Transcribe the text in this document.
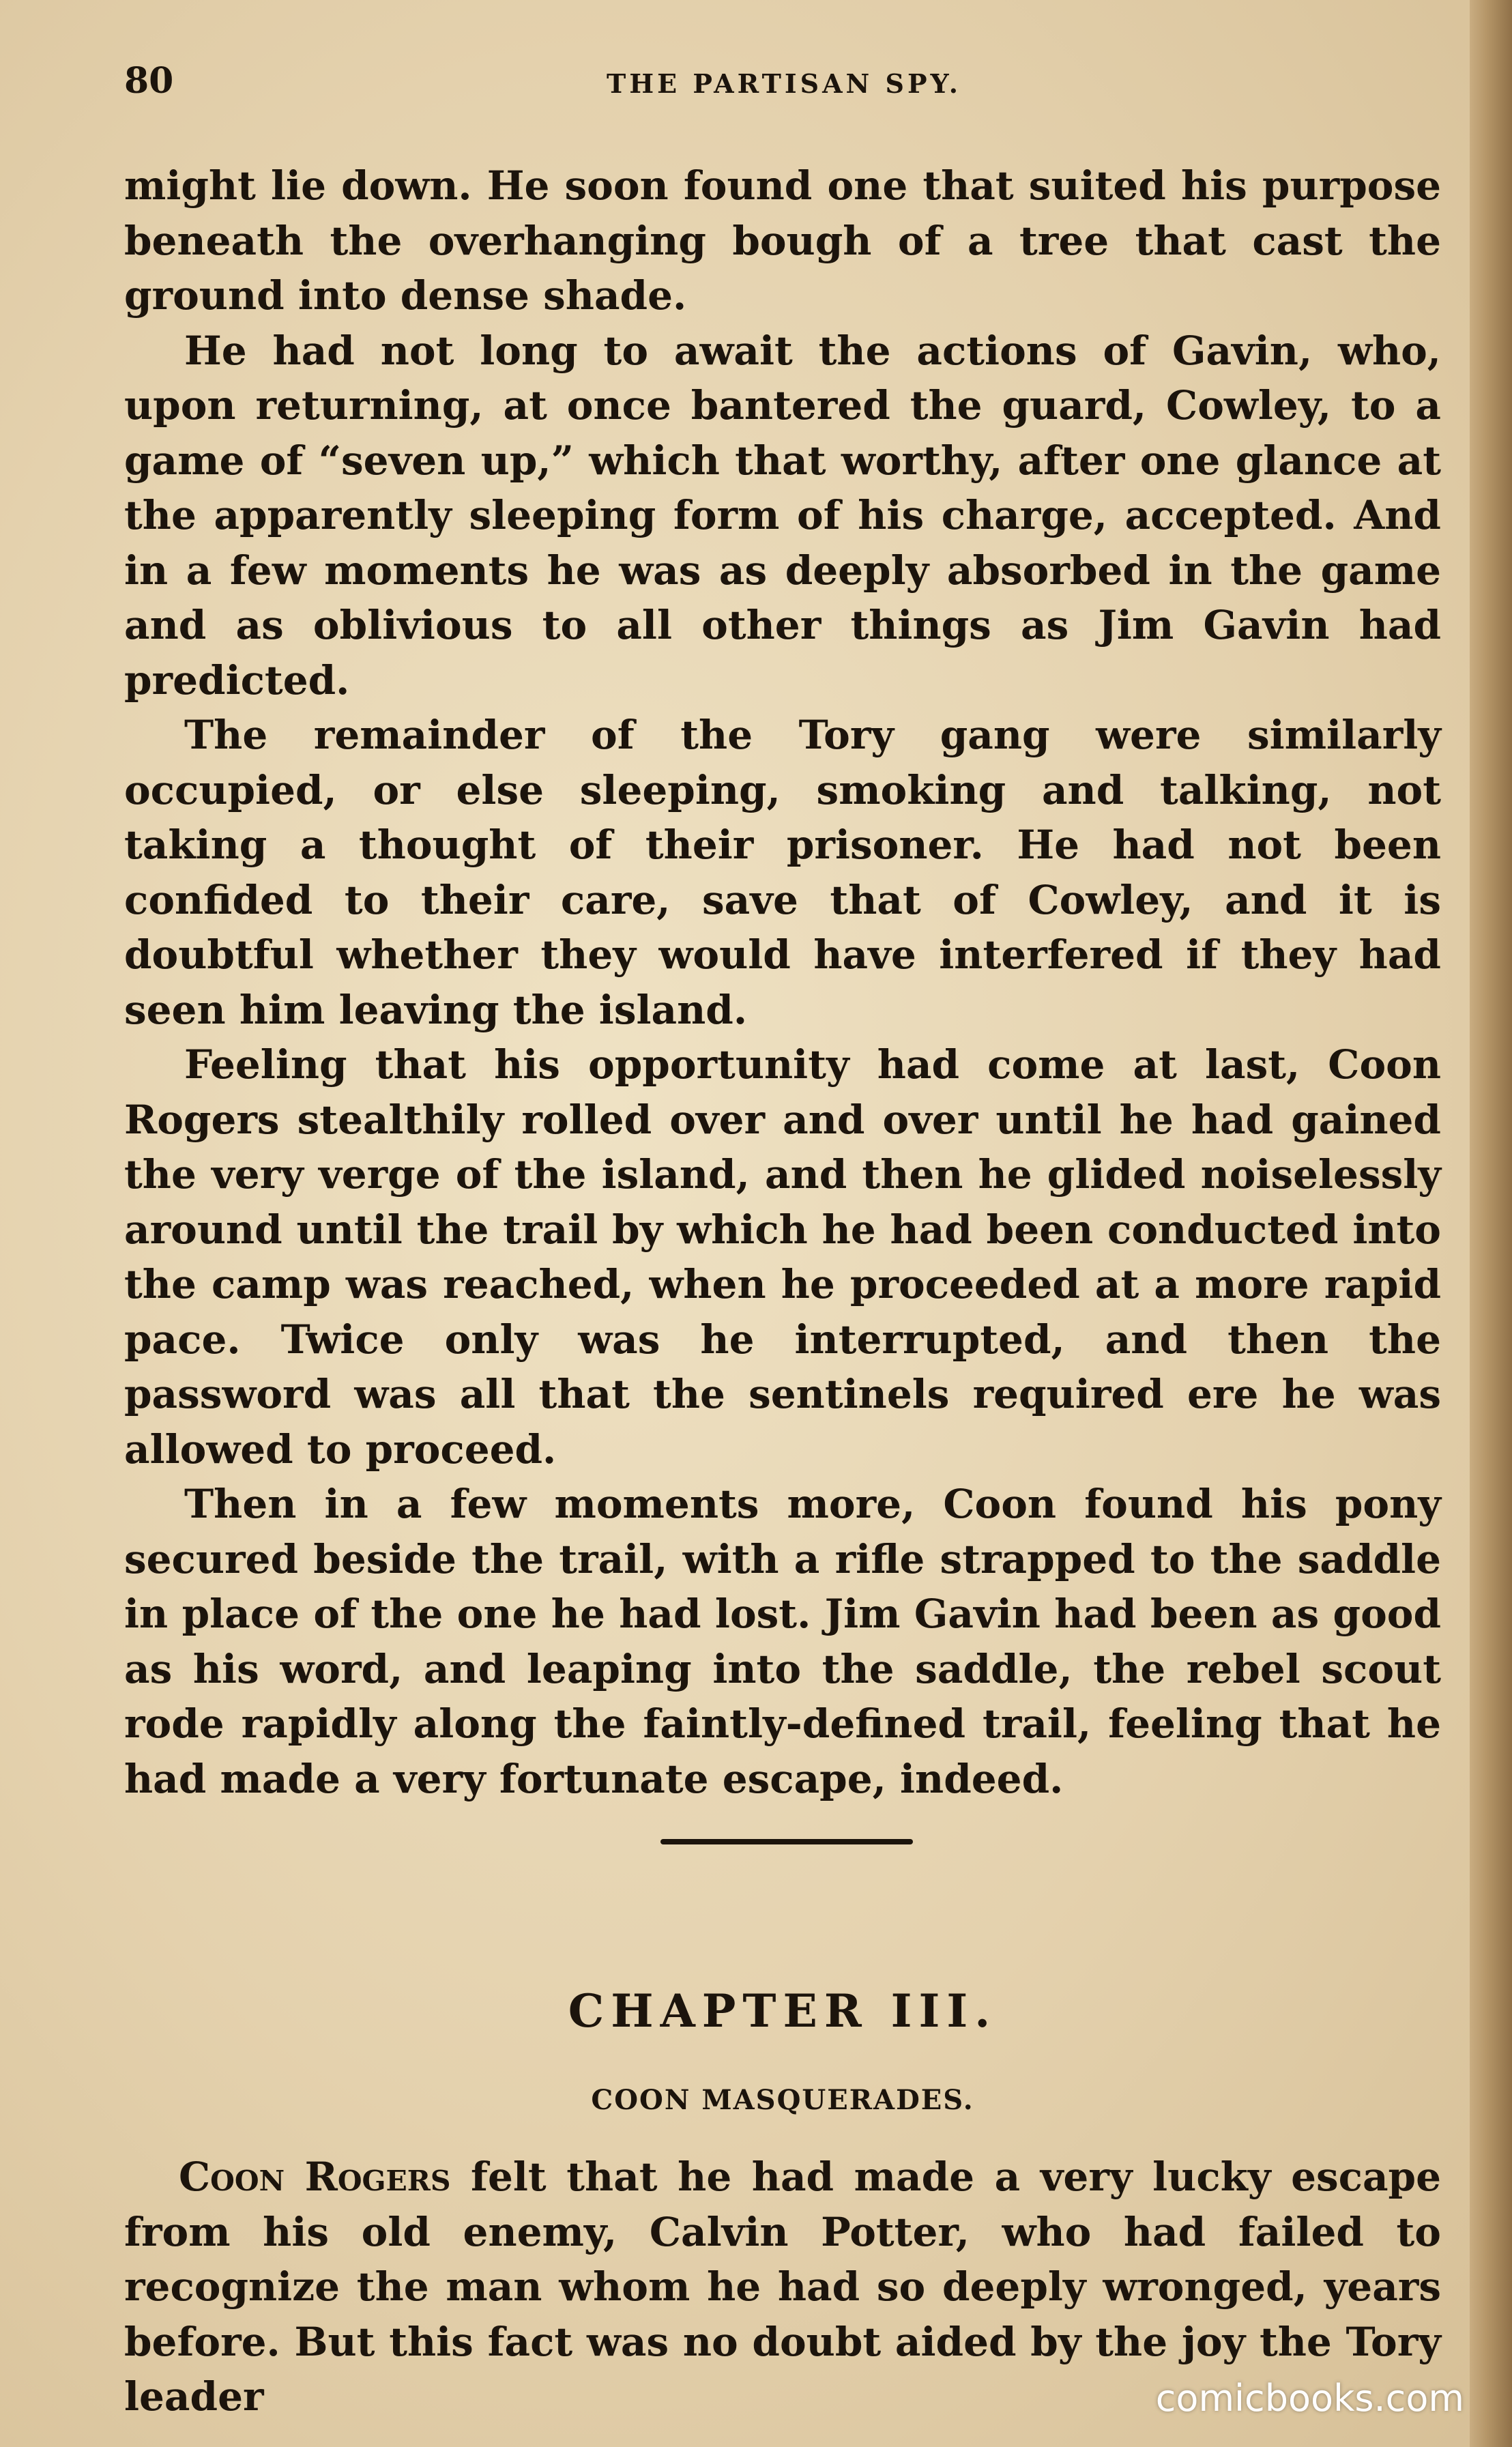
80	THE PARTISAN SPY.

might lie down. He soon found one that suited his purpose beneath the overhanging bough of a tree that cast the ground into dense shade.

He had not long to await the actions of Gavin, who, upon returning, at once bantered the guard, Cowley, to a game of “seven up,” which that worthy, after one glance at the apparently sleeping form of his charge, accepted. And in a few moments he was as deeply absorbed in the game and as oblivious to all other things as Jim Gavin had predicted.

The remainder of the Tory gang were similarly occupied, or else sleeping, smoking and talking, not taking a thought of their prisoner. He had not been confided to their care, save that of Cowley, and it is doubtful whether they would have interfered if they had seen him leaving the island.

Feeling that his opportunity had come at last, Coon Rogers stealthily rolled over and over until he had gained the very verge of the island, and then he glided noiselessly around until the trail by which he had been conducted into the camp was reached, when he proceeded at a more rapid pace. Twice only was he interrupted, and then the password was all that the sentinels required ere he was allowed to proceed.

Then in a few moments more, Coon found his pony secured beside the trail, with a rifle strapped to the saddle in place of the one he had lost. Jim Gavin had been as good as his word, and leaping into the saddle, the rebel scout rode rapidly along the faintly-defined trail, feeling that he had made a very fortunate escape, indeed.

CHAPTER III.
COON MASQUERADES.

Coon Rogers felt that he had made a very lucky escape from his old enemy, Calvin Potter, who had failed to recognize the man whom he had so deeply wronged, years before. But this fact was no doubt aided by the joy the Tory leader	comicbooks.com
